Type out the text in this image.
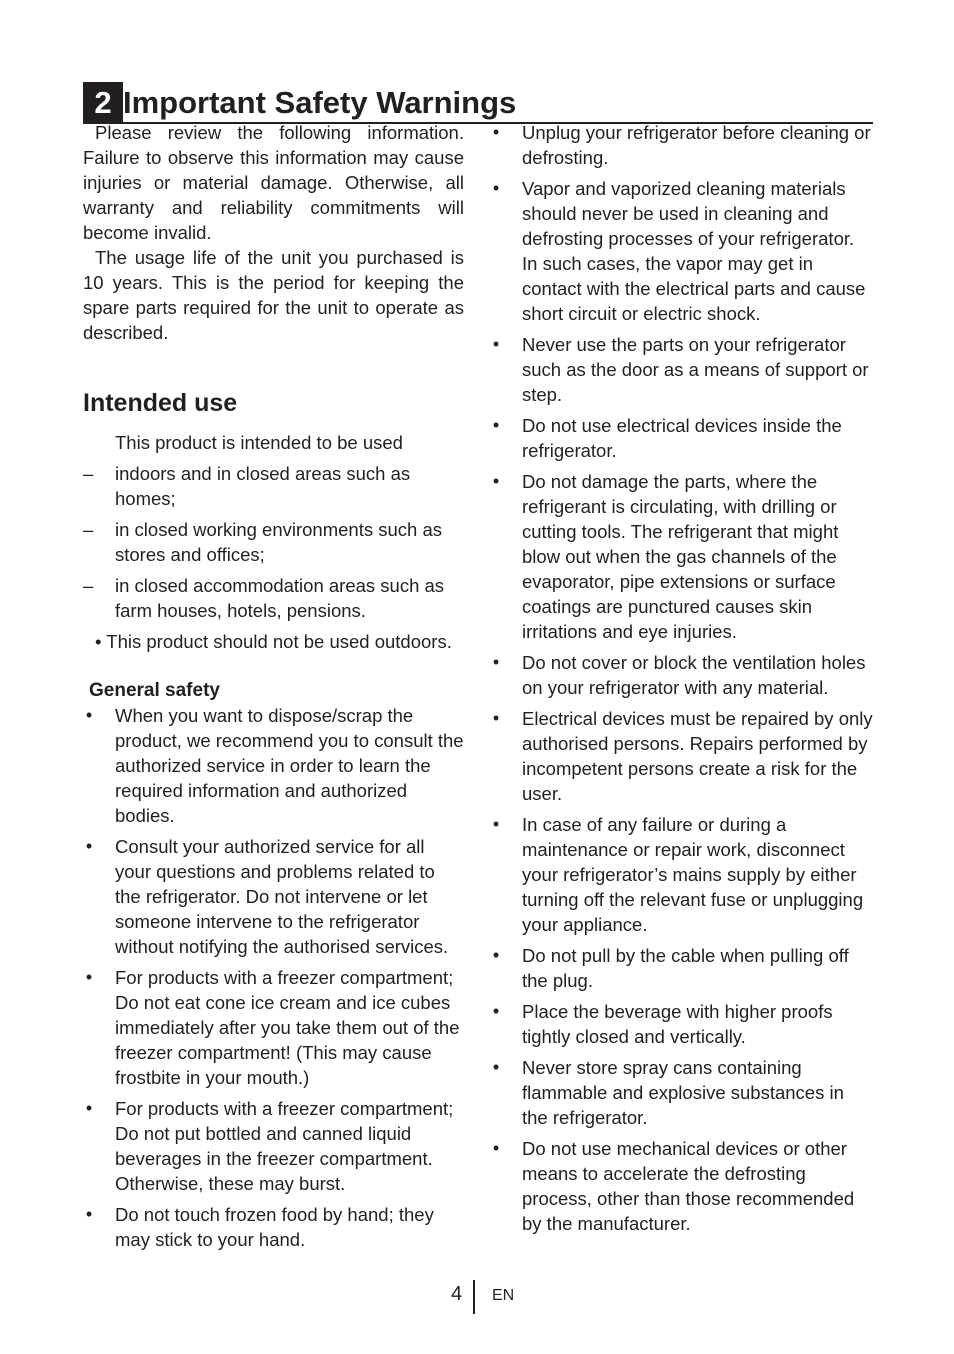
2 Important Safety Warnings

Please review the following information. Failure to observe this information may cause injuries or material damage. Otherwise, all warranty and reliability commitments will become invalid.

The usage life of the unit you purchased is 10 years. This is the period for keeping the spare parts required for the unit to operate as described.

Intended use

This product is intended to be used

–	indoors and in closed areas such as homes;
–	in closed working environments such as stores and offices;
–	in closed accommodation areas such as farm houses, hotels, pensions.

• This product should not be used outdoors.

General safety
• When you want to dispose/scrap the product, we recommend you to consult the authorized service in order to learn the required information and authorized bodies.
• Consult your authorized service for all your questions and problems related to the refrigerator. Do not intervene or let someone intervene to the refrigerator without notifying the authorised services.
• For products with a freezer compartment; Do not eat cone ice cream and ice cubes immediately after you take them out of the freezer compartment! (This may cause frostbite in your mouth.)
• For products with a freezer compartment; Do not put bottled and canned liquid beverages in the freezer compartment. Otherwise, these may burst.
• Do not touch frozen food by hand; they may stick to your hand.
• Unplug your refrigerator before cleaning or defrosting.
• Vapor and vaporized cleaning materials should never be used in cleaning and defrosting processes of your refrigerator. In such cases, the vapor may get in contact with the electrical parts and cause short circuit or electric shock.
• Never use the parts on your refrigerator such as the door as a means of support or step.
• Do not use electrical devices inside the refrigerator.
• Do not damage the parts, where the refrigerant is circulating, with drilling or cutting tools. The refrigerant that might blow out when the gas channels of the evaporator, pipe extensions or surface coatings are punctured causes skin irritations and eye injuries.
• Do not cover or block the ventilation holes on your refrigerator with any material.
• Electrical devices must be repaired by only authorised persons. Repairs performed by incompetent persons create a risk for the user.
• In case of any failure or during a maintenance or repair work, disconnect your refrigerator’s mains supply by either turning off the relevant fuse or unplugging your appliance.
• Do not pull by the cable when pulling off the plug.
• Place the beverage with higher proofs tightly closed and vertically.
• Never store spray cans containing flammable and explosive substances in the refrigerator.
• Do not use mechanical devices or other means to accelerate the defrosting process, other than those recommended by the manufacturer.
4 EN
